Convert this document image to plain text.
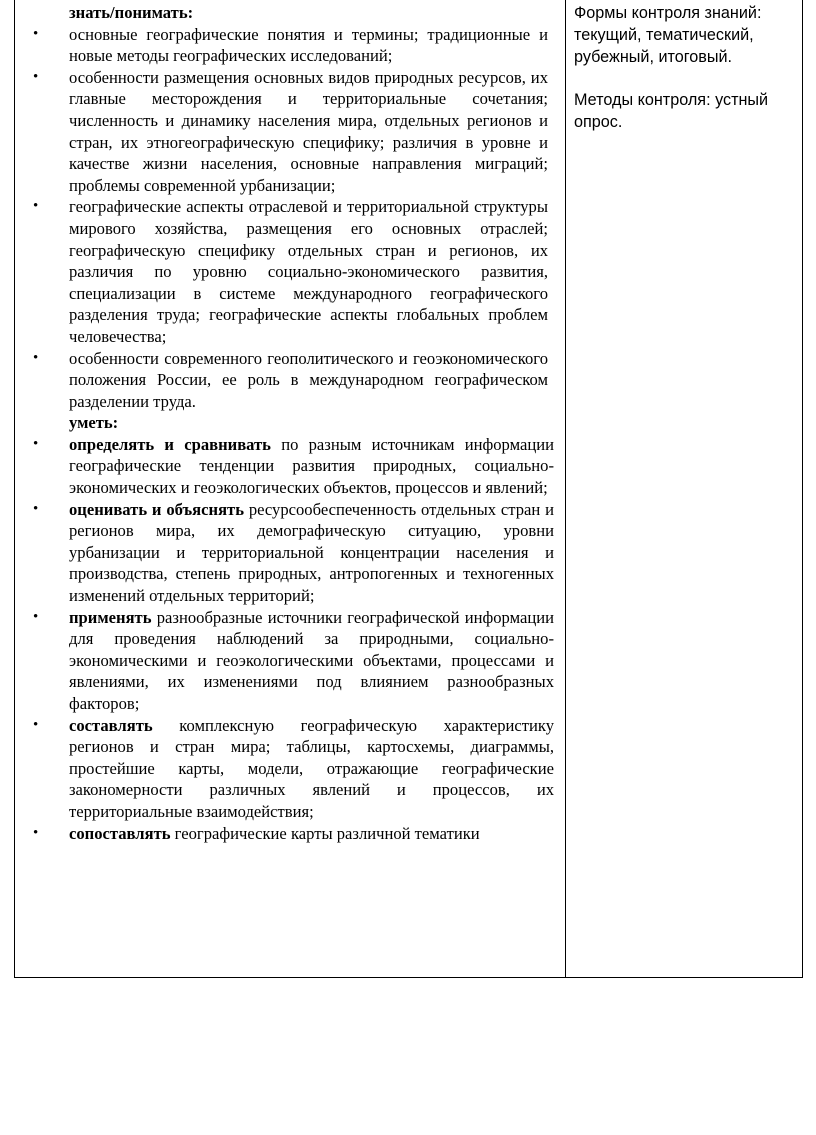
знать/понимать:
• основные географические понятия и термины; традиционные и новые методы географических исследований;
• особенности размещения основных видов природных ресурсов, их главные месторождения и территориальные сочетания; численность и динамику населения мира, отдельных регионов и стран, их этногеографическую специфику; различия в уровне и качестве жизни населения, основные направления миграций; проблемы современной урбанизации;
• географические аспекты отраслевой и территориальной структуры мирового хозяйства, размещения его основных отраслей; географическую специфику отдельных стран и регионов, их различия по уровню социально-экономического развития, специализации в системе международного географического разделения труда; географические аспекты глобальных проблем человечества;
• особенности современного геополитического и геоэкономического положения России, ее роль в международном географическом разделении труда.
уметь:
• определять и сравнивать по разным источникам информации географические тенденции развития природных, социально-экономических и геоэкологических объектов, процессов и явлений;
• оценивать и объяснять ресурсообеспеченность отдельных стран и регионов мира, их демографическую ситуацию, уровни урбанизации и территориальной концентрации населения и производства, степень природных, антропогенных и техногенных изменений отдельных территорий;
• применять разнообразные источники географической информации для проведения наблюдений за природными, социально-экономическими и геоэкологическими объектами, процессами и явлениями, их изменениями под влиянием разнообразных факторов;
• составлять комплексную географическую характеристику регионов и стран мира; таблицы, картосхемы, диаграммы, простейшие карты, модели, отражающие географические закономерности различных явлений и процессов, их территориальные взаимодействия;
• сопоставлять географические карты различной тематики

Формы контроля знаний: текущий, тематический, рубежный, итоговый.

Методы контроля: устный опрос.
